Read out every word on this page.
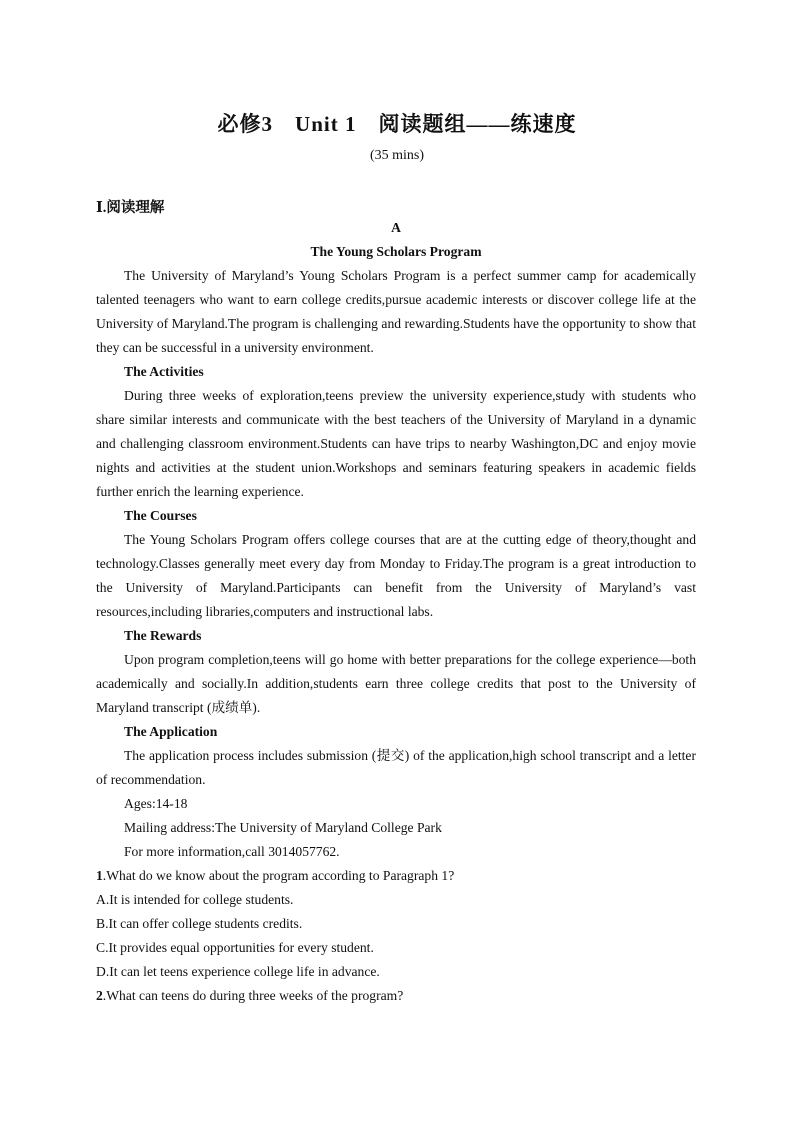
必修3　Unit 1　阅读题组——练速度
(35 mins)
Ⅰ.阅读理解
A
The Young Scholars Program

The University of Maryland’s Young Scholars Program is a perfect summer camp for academically talented teenagers who want to earn college credits,pursue academic interests or discover college life at the University of Maryland.The program is challenging and rewarding.Students have the opportunity to show that they can be successful in a university environment.

The Activities

During three weeks of exploration,teens preview the university experience,study with students who share similar interests and communicate with the best teachers of the University of Maryland in a dynamic and challenging classroom environment.Students can have trips to nearby Washington,DC and enjoy movie nights and activities at the student union.Workshops and seminars featuring speakers in academic fields further enrich the learning experience.

The Courses

The Young Scholars Program offers college courses that are at the cutting edge of theory,thought and technology.Classes generally meet every day from Monday to Friday.The program is a great introduction to the University of Maryland.Participants can benefit from the University of Maryland’s vast resources,including libraries,computers and instructional labs.

The Rewards

Upon program completion,teens will go home with better preparations for the college experience—both academically and socially.In addition,students earn three college credits that post to the University of Maryland transcript (成绩单).

The Application

The application process includes submission (提交) of the application,high school transcript and a letter of recommendation.

Ages:14-18

Mailing address:The University of Maryland College Park

For more information,call 3014057762.

1.What do we know about the program according to Paragraph 1?

A.It is intended for college students.

B.It can offer college students credits.

C.It provides equal opportunities for every student.

D.It can let teens experience college life in advance.

2.What can teens do during three weeks of the program?
